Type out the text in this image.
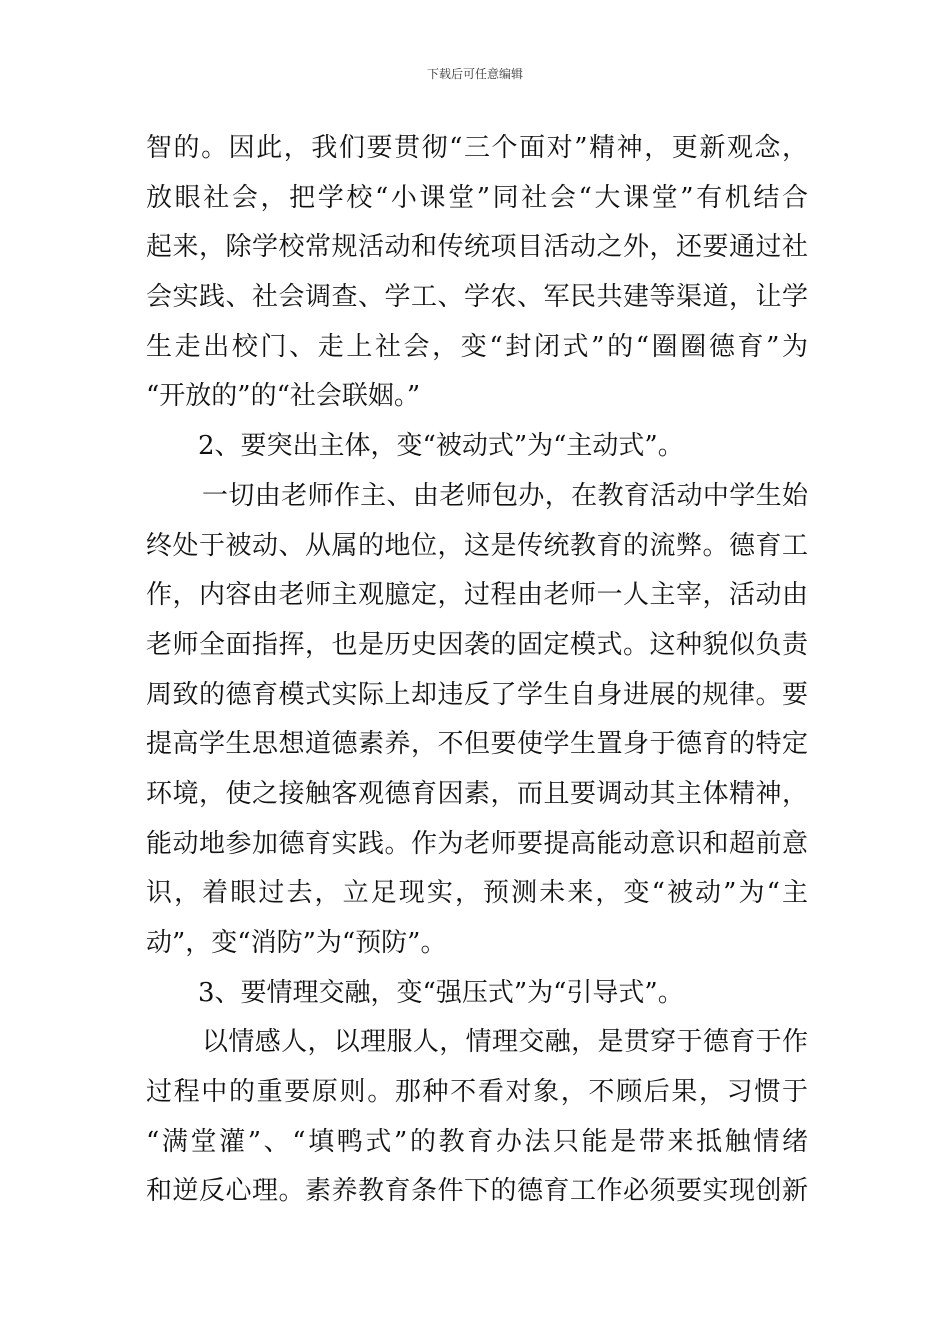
下载后可任意编辑
智的。因此，我们要贯彻“三个面对”精神，更新观念，
放眼社会，把学校“小课堂”同社会“大课堂”有机结合
起来，除学校常规活动和传统项目活动之外，还要通过社
会实践、社会调查、学工、学农、军民共建等渠道，让学
生走出校门、走上社会，变“封闭式”的“圈圈德育”为
“开放的”的“社会联姻。”
2、要突出主体，变“被动式”为“主动式”。
一切由老师作主、由老师包办，在教育活动中学生始
终处于被动、从属的地位，这是传统教育的流弊。德育工
作，内容由老师主观臆定，过程由老师一人主宰，活动由
老师全面指挥，也是历史因袭的固定模式。这种貌似负责
周致的德育模式实际上却违反了学生自身进展的规律。要
提高学生思想道德素养，不但要使学生置身于德育的特定
环境，使之接触客观德育因素，而且要调动其主体精神，
能动地参加德育实践。作为老师要提高能动意识和超前意
识，着眼过去，立足现实，预测未来，变“被动”为“主
动”，变“消防”为“预防”。
3、要情理交融，变“强压式”为“引导式”。
以情感人，以理服人，情理交融，是贯穿于德育于作
过程中的重要原则。那种不看对象，不顾后果，习惯于
“满堂灌”、“填鸭式”的教育办法只能是带来抵触情绪
和逆反心理。素养教育条件下的德育工作必须要实现创新
